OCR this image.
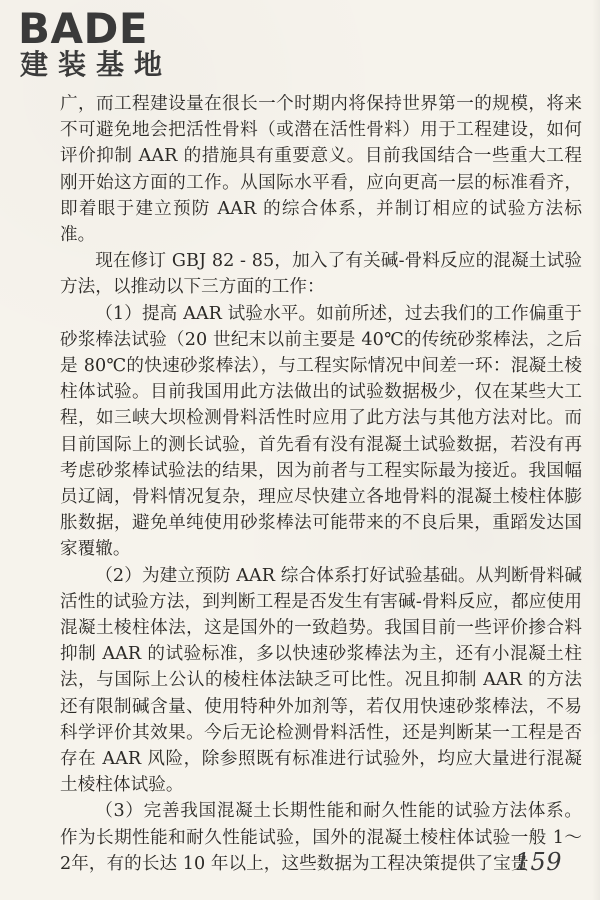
BADE
建装基地

广，而工程建设量在很长一个时期内将保持世界第一的规模，将来不可避免地会把活性骨料（或潜在活性骨料）用于工程建设，如何评价抑制 AAR 的措施具有重要意义。目前我国结合一些重大工程刚开始这方面的工作。从国际水平看，应向更高一层的标准看齐，即着眼于建立预防 AAR 的综合体系，并制订相应的试验方法标准。

现在修订 GBJ 82 - 85，加入了有关碱-骨料反应的混凝土试验方法，以推动以下三方面的工作：

（1）提高 AAR 试验水平。如前所述，过去我们的工作偏重于砂浆棒法试验（20 世纪末以前主要是 40℃的传统砂浆棒法，之后是 80℃的快速砂浆棒法），与工程实际情况中间差一环：混凝土棱柱体试验。目前我国用此方法做出的试验数据极少，仅在某些大工程，如三峡大坝检测骨料活性时应用了此方法与其他方法对比。而目前国际上的测长试验，首先看有没有混凝土试验数据，若没有再考虑砂浆棒试验法的结果，因为前者与工程实际最为接近。我国幅员辽阔，骨料情况复杂，理应尽快建立各地骨料的混凝土棱柱体膨胀数据，避免单纯使用砂浆棒法可能带来的不良后果，重蹈发达国家覆辙。

（2）为建立预防 AAR 综合体系打好试验基础。从判断骨料碱活性的试验方法，到判断工程是否发生有害碱-骨料反应，都应使用混凝土棱柱体法，这是国外的一致趋势。我国目前一些评价掺合料抑制 AAR 的试验标准，多以快速砂浆棒法为主，还有小混凝土柱法，与国际上公认的棱柱体法缺乏可比性。况且抑制 AAR 的方法还有限制碱含量、使用特种外加剂等，若仅用快速砂浆棒法，不易科学评价其效果。今后无论检测骨料活性，还是判断某一工程是否存在 AAR 风险，除参照既有标准进行试验外，均应大量进行混凝土棱柱体试验。

（3）完善我国混凝土长期性能和耐久性能的试验方法体系。作为长期性能和耐久性能试验，国外的混凝土棱柱体试验一般 1～2年，有的长达 10 年以上，这些数据为工程决策提供了宝贵

159
